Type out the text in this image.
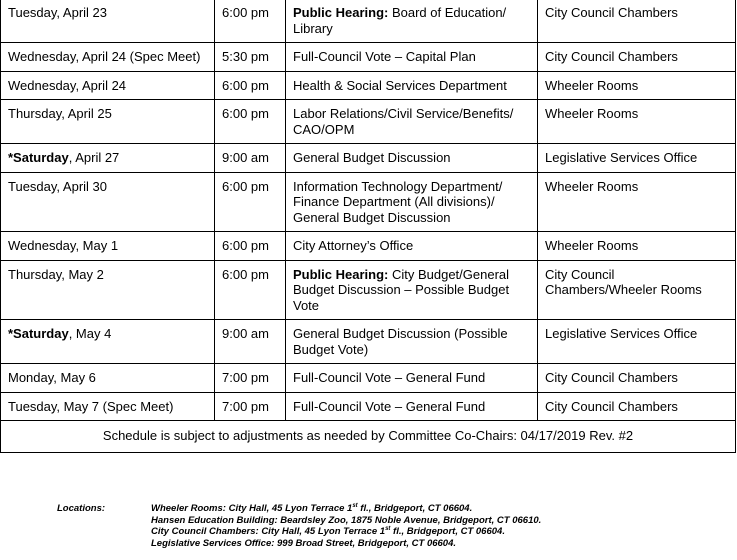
Tuesday, April 23	6:00 pm	Public Hearing: Board of Education/ Library	City Council Chambers
Wednesday, April 24 (Spec Meet)	5:30 pm	Full-Council Vote – Capital Plan	City Council Chambers
Wednesday, April 24	6:00 pm	Health & Social Services Department	Wheeler Rooms
Thursday, April 25	6:00 pm	Labor Relations/Civil Service/Benefits/ CAO/OPM	Wheeler Rooms
*Saturday, April 27	9:00 am	General Budget Discussion	Legislative Services Office
Tuesday, April 30	6:00 pm	Information Technology Department/ Finance Department (All divisions)/ General Budget Discussion	Wheeler Rooms
Wednesday, May 1	6:00 pm	City Attorney’s Office	Wheeler Rooms
Thursday, May 2	6:00 pm	Public Hearing: City Budget/General Budget Discussion – Possible Budget Vote	City Council Chambers/Wheeler Rooms
*Saturday, May 4	9:00 am	General Budget Discussion (Possible Budget Vote)	Legislative Services Office
Monday, May 6	7:00 pm	Full-Council Vote – General Fund	City Council Chambers
Tuesday, May 7 (Spec Meet)	7:00 pm	Full-Council Vote – General Fund	City Council Chambers
Schedule is subject to adjustments as needed by Committee Co-Chairs: 04/17/2019 Rev. #2			
Locations:	Wheeler Rooms: City Hall, 45 Lyon Terrace 1st fl., Bridgeport, CT 06604.
Hansen Education Building: Beardsley Zoo, 1875 Noble Avenue, Bridgeport, CT 06610.
City Council Chambers: City Hall, 45 Lyon Terrace 1st fl., Bridgeport, CT 06604.
Legislative Services Office: 999 Broad Street, Bridgeport, CT 06604.
